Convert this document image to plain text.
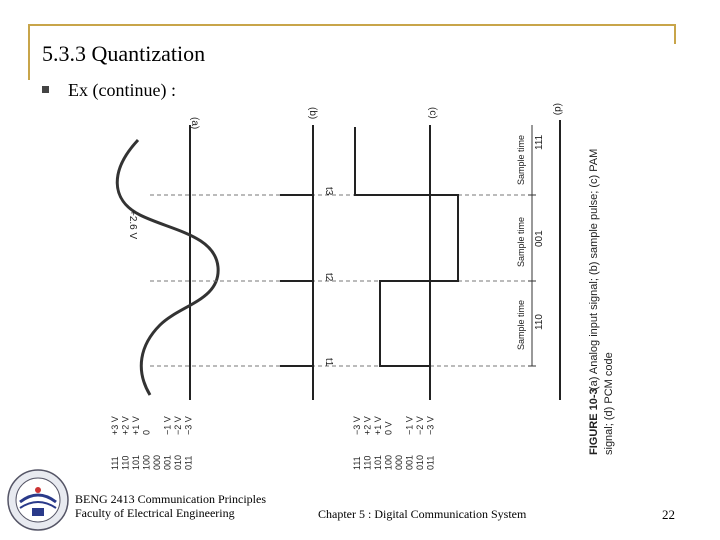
5.3.3 Quantization
Ex (continue) :
(a)
(b)	(c)	(d)
+2.6 V
t3
t2
t1
Sample time
Sample time
Sample time
111
001
110
FIGURE 10-3
(a) Analog input signal; (b) sample pulse; (c) PAM
signal; (d) PCM code
111
+3 V
110
+2 V
101
+1 V
100
0
000 001
−1 V
010
−2 V
011
−3 V
111
−3 V
110
+2 V
101
+1 V
100
0 V
000 001
−1 V
010
−2 V
011
−3 V
BENG 2413 Communication Principles
Faculty of Electrical Engineering	Chapter 5 : Digital Communication System	22
